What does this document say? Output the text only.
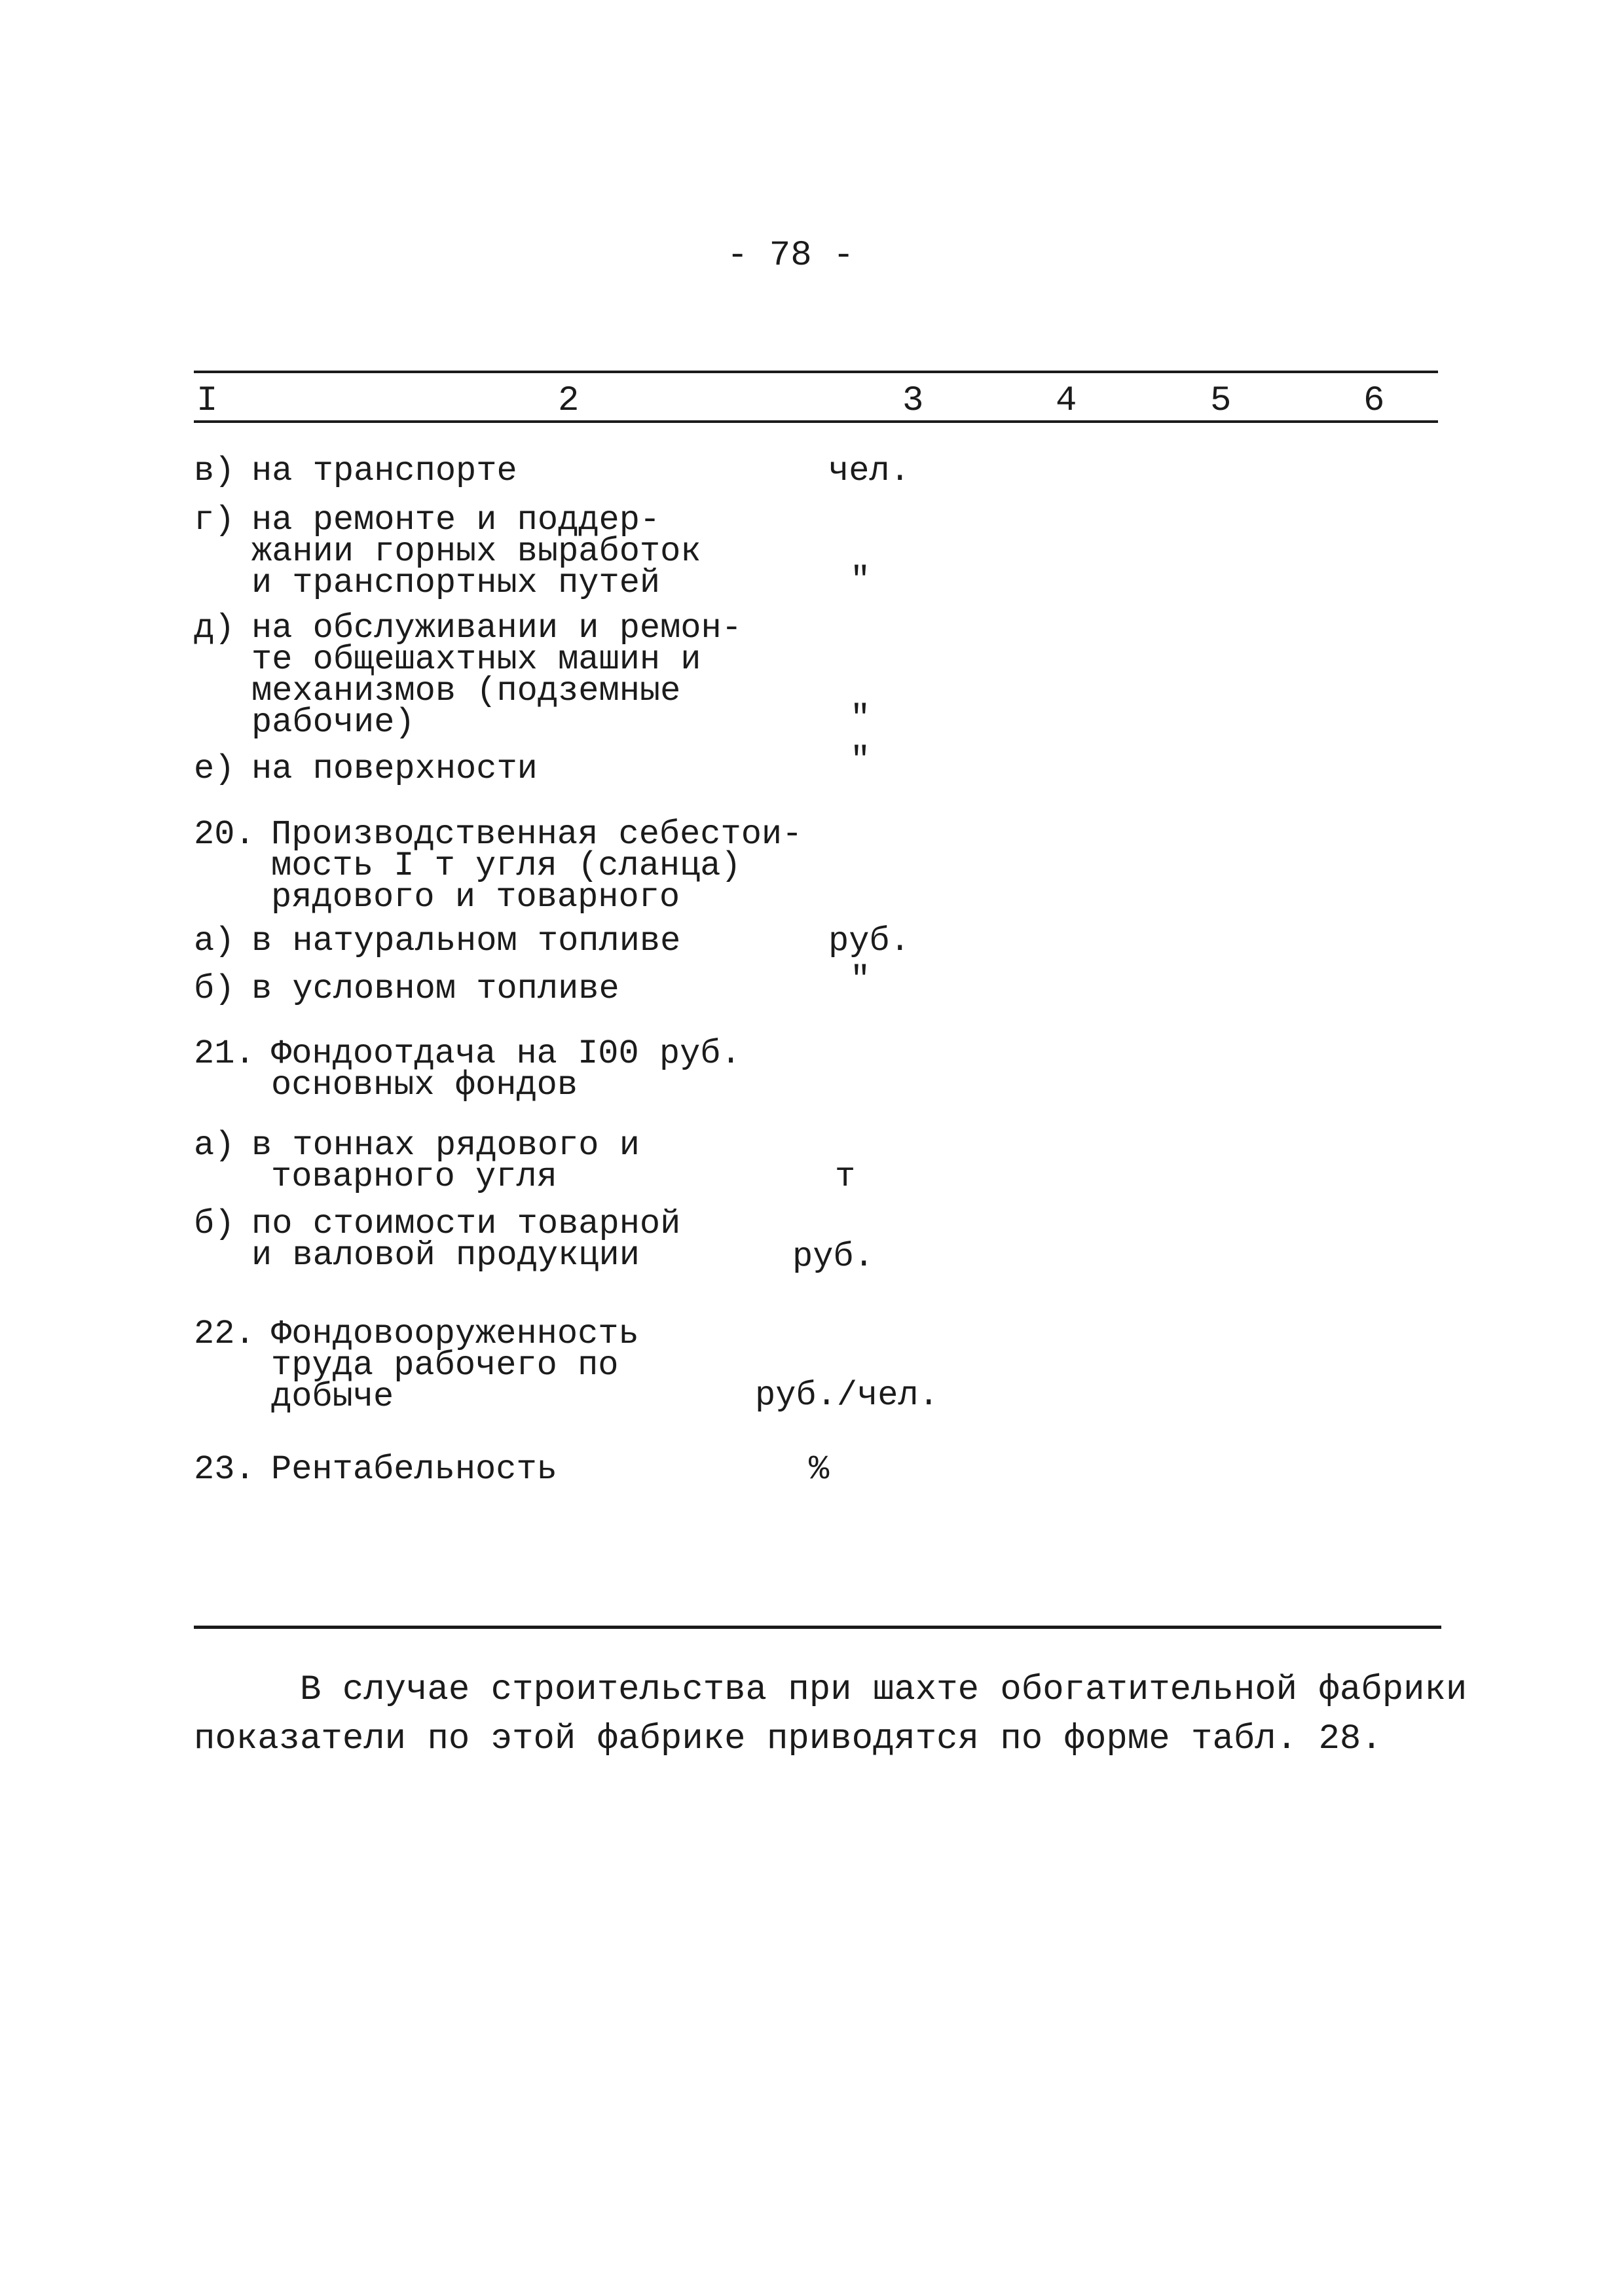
- 78 -
I	2	3	4	5	6
в) на транспорте	чел.
г) на ремонте и поддер-
жании горных выработок
и транспортных путей	"
д) на обслуживании и ремон-
те общешахтных машин и
механизмов (подземные
рабочие)	"
е) на поверхности	"
20. Производственная себестои-
мость I т угля (сланца)
рядового и товарного
а) в натуральном топливе	руб.
б) в условном топливе	"
21. Фондоотдача на I00 руб.
основных фондов
а) в тоннах рядового и
товарного угля	т
б) по стоимости товарной
и валовой продукции	руб.
22. Фондовооруженность
труда рабочего по
добыче	руб./чел.
23. Рентабельность	%
В случае строительства при шахте обогатительной фабрики
показатели по этой фабрике приводятся по форме табл. 28.
